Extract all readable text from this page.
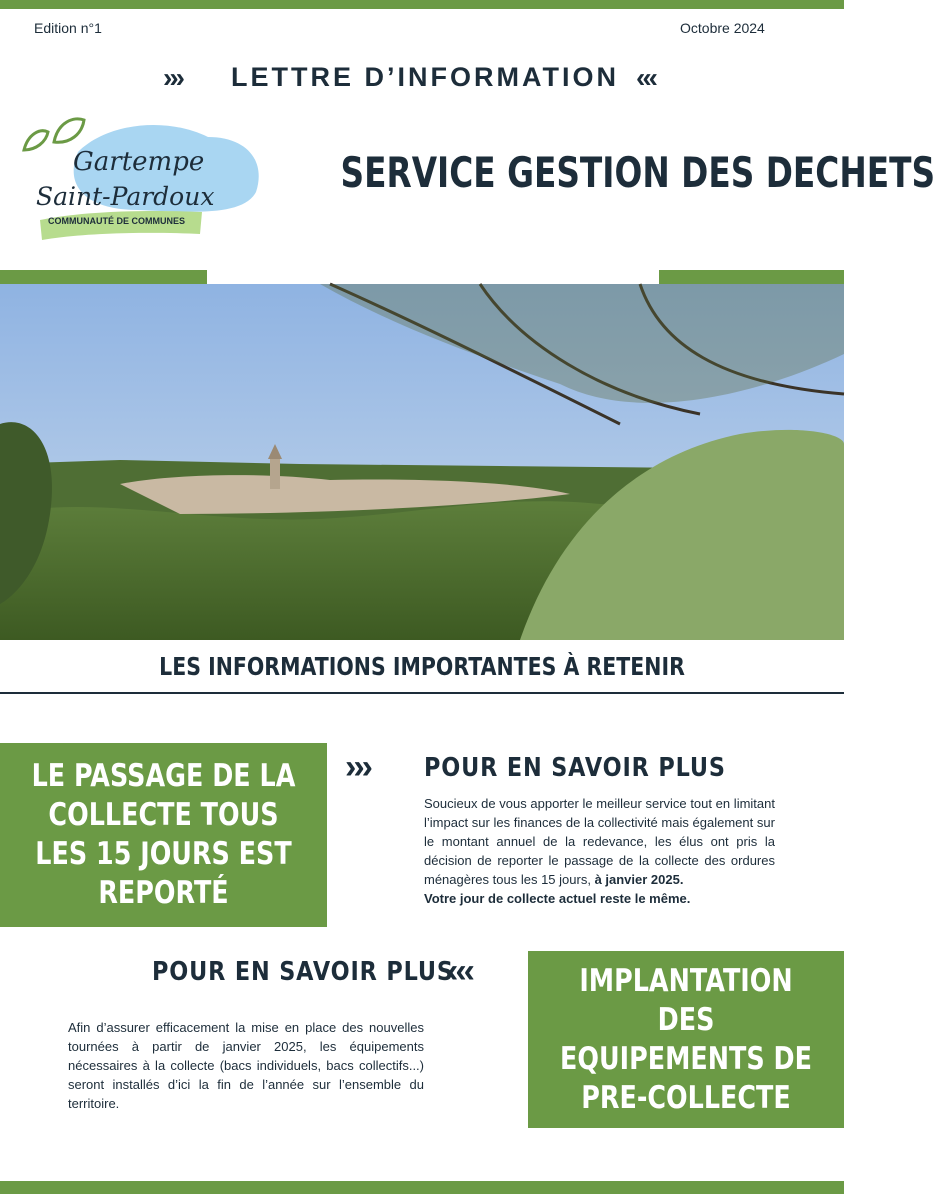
Edition n°1	Octobre 2024
›››	LETTRE D’INFORMATION ‹‹‹
Gartempe
Saint-Pardoux
COMMUNAUTÉ DE COMMUNES
SERVICE GESTION DES DECHETS
LES INFORMATIONS IMPORTANTES À RETENIR
LE PASSAGE DE LA COLLECTE TOUS LES 15 JOURS EST REPORTÉ
››› POUR EN SAVOIR PLUS
Soucieux de vous apporter le meilleur service tout en limitant l’impact sur les finances de la collectivité mais également sur le montant annuel de la redevance, les élus ont pris la décision de reporter le passage de la collecte des ordures ménagères tous les 15 jours, à janvier 2025.
Votre jour de collecte actuel reste le même.
POUR EN SAVOIR PLUS
‹‹‹
Afin d’assurer efficacement la mise en place des nouvelles tournées à partir de janvier 2025, les équipements nécessaires à la collecte (bacs individuels, bacs collectifs...) seront installés d’ici la fin de l’année sur l’ensemble du territoire.
IMPLANTATION DES EQUIPEMENTS DE PRE-COLLECTE
